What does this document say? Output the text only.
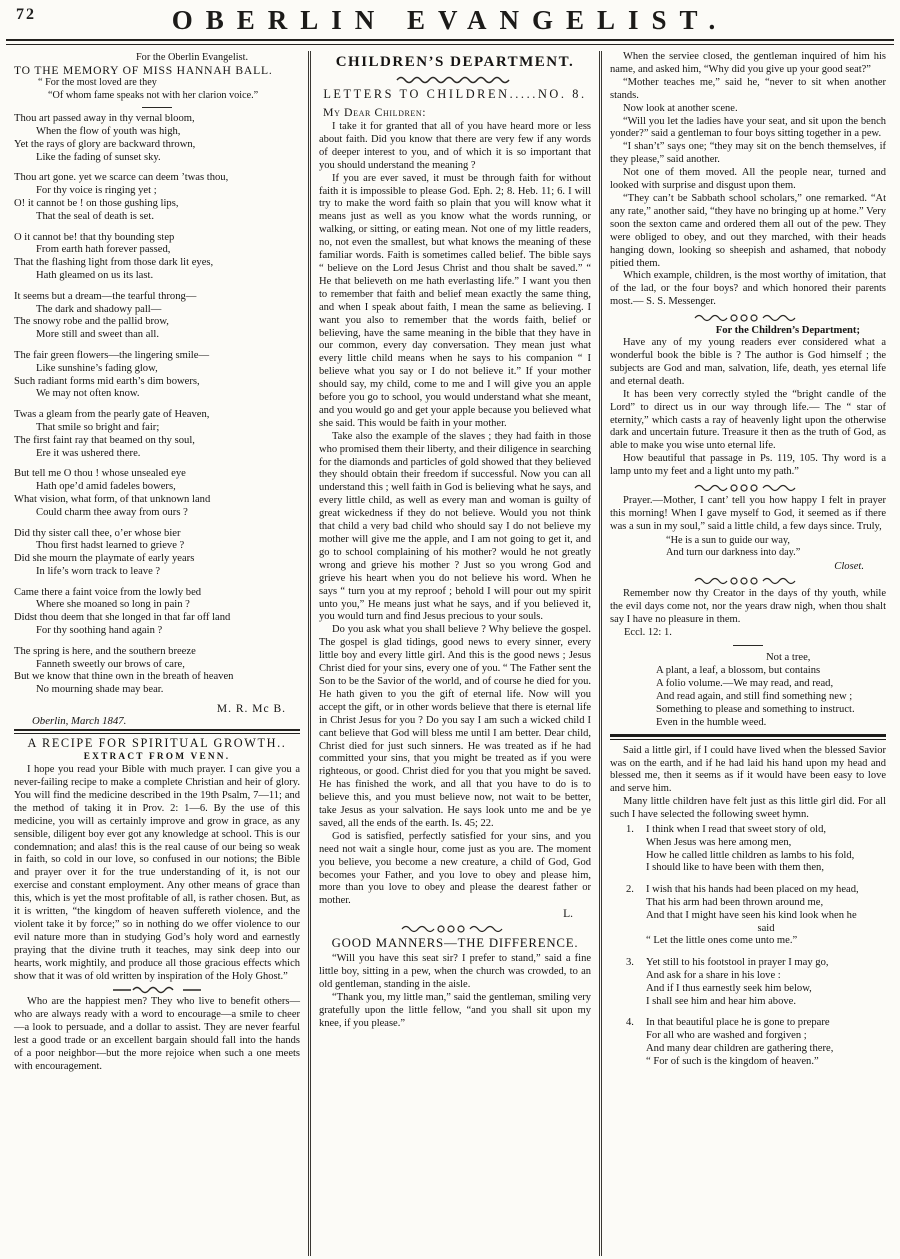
72	OBERLIN EVANGELIST.
For the Oberlin Evangelist.
TO THE MEMORY OF MISS HANNAH BALL.
“ For the most loved are they
“Of whom fame speaks not with her clarion voice.”
Thou art passed away in thy vernal bloom,
When the flow of youth was high,
Yet the rays of glory are backward thrown,
Like the fading of sunset sky.
Thou art gone. yet we scarce can deem ’twas thou,
For thy voice is ringing yet ;
O! it cannot be ! on those gushing lips,
That the seal of death is set.
O it cannot be! that thy bounding step
From earth hath forever passed,
That the flashing light from those dark lit eyes,
Hath gleamed on us its last.
It seems but a dream—the tearful throng—
The dark and shadowy pall—
The snowy robe and the pallid brow,
More still and sweet than all.
The fair green flowers—the lingering smile—
Like sunshine’s fading glow,
Such radiant forms mid earth’s dim bowers,
We may not often know.
Twas a gleam from the pearly gate of Heaven,
That smile so bright and fair;
The first faint ray that beamed on thy soul,
Ere it was ushered there.
But tell me O thou ! whose unsealed eye
Hath ope’d amid fadeles bowers,
What vision, what form, of that unknown land
Could charm thee away from ours ?
Did thy sister call thee, o’er whose bier
Thou first hadst learned to grieve ?
Did she mourn the playmate of early years
In life’s worn track to leave ?
Came there a faint voice from the lowly bed
Where she moaned so long in pain ?
Didst thou deem that she longed in that far off land
For thy soothing hand again ?
The spring is here, and the southern breeze
Fanneth sweetly our brows of care,
But we know that thine own in the breath of heaven
No mourning shade may bear.
M. R. Mc B.
Oberlin, March 1847.
A RECIPE FOR SPIRITUAL GROWTH..
EXTRACT FROM VENN.

I hope you read your Bible with much prayer. I can give you a never-failing recipe to make a complete Christian and heir of glory. You will find the medicine described in the 19th Psalm, 7—11; and the method of taking it in Prov. 2: 1—6. By the use of this medicine, you will as certainly improve and grow in grace, as any sensible, diligent boy ever got any knowledge at school. This is our condemnation; and alas! this is the real cause of our being so weak in faith, so cold in our love, so confused in our notions; the Bible and prayer over it for the true understanding of it, is not our exercise and constant employment. Any other means of grace than this, which is yet the most profitable of all, is rather chosen. But, as it is written, “the kingdom of heaven suffereth violence, and the violent take it by force;” so in nothing do we offer violence to our evil nature more than in studying God’s holy word and earnestly praying that the divine truth it teaches, may sink deep into our hearts, work mightily, and produce all those gracious effects which show that it was of old written by inspiration of the Holy Ghost.”

Who are the happiest men? They who live to benefit others—who are always ready with a word to encourage—a smile to cheer—a look to persuade, and a dollar to assist. They are never fearful lest a good trade or an excellent bargain should fall into the hands of a poor neighbor—but the more rejoice when such a one meets with encouragement.

CHILDREN’S DEPARTMENT.
LETTERS TO CHILDREN.....NO. 8.
My Dear Children:

I take it for granted that all of you have heard more or less about faith. Did you know that there are very few if any words of deeper interest to you, and of which it is so important that you should understand the meaning ?

If you are ever saved, it must be through faith for without faith it is impossible to please God. Eph. 2; 8. Heb. 11; 6. I will try to make the word faith so plain that you will know what it means just as well as you know what the words running, or walking, or sitting, or eating mean. Not one of my little readers, no, not even the smallest, but what knows the meaning of these familiar words. Faith is sometimes called belief. The bible says “ believe on the Lord Jesus Christ and thou shalt be saved.” “ He that believeth on me hath everlasting life.” I want you then to remember that faith and belief mean exactly the same thing, and when I speak about faith, I mean the same as believing. I want you also to remember that the words faith, belief or believing, have the same meaning in the bible that they have in our common, every day conversation. They mean just what every little child means when he says to his companion “ I believe what you say or I do not believe it.” If your mother should say, my child, come to me and I will give you an apple before you go to school, you would understand what she meant, and you would go and get your apple because you believed what she said. This would be faith in your mother.

Take also the example of the slaves ; they had faith in those who promised them their liberty, and their diligence in searching for the diamonds and particles of gold showed that they believed they should obtain their freedom if successful. Now you can all understand this ; well faith in God is believing what he says, and every little child, as well as every man and woman is guilty of great wickedness if they do not believe. Would you not think that child a very bad child who should say I do not believe my mother will give me the apple, and I am not going to get it, and go to school complaining of his mother? would he not greatly wrong and grieve his mother ? Just so you wrong God and grieve his heart when you do not believe his word. When he says “ turn you at my reproof ; behold I will pour out my spirit unto you,” He means just what he says, and if you believed it, you would turn and find Jesus precious to your souls.

Do you ask what you shall believe ? Why believe the gospel. The gospel is glad tidings, good news to every sinner, every little boy and every little girl. And this is the good news ; Jesus Christ died for your sins, every one of you. “ The Father sent the Son to be the Savior of the world, and of course he died for you. He hath given to you the gift of eternal life. Now will you accept the gift, or in other words believe that there is eternal life in Christ Jesus for you ? Do you say I am such a wicked child I cant believe that God will bless me until I am better. Dear child, Christ died for just such sinners. He was treated as if he had committed your sins, that you might be treated as if you were righteous, or good. Christ died for you that you might be saved. He has finished the work, and all that you have to do is to believe this, and you must believe now, not wait to be better, take Jesus as your salvation. He says look unto me and be ye saved, all the ends of the earth. Is. 45; 22.

God is satisfied, perfectly satisfied for your sins, and you need not wait a single hour, come just as you are. The moment you believe, you become a new creature, a child of God, God becomes your Father, and you love to obey and please him, more than you love to obey and please the dearest father or mother.

L.
GOOD MANNERS—THE DIFFERENCE.

“Will you have this seat sir? I prefer to stand,” said a fine little boy, sitting in a pew, when the church was crowded, to an old gentleman, standing in the aisle.

“Thank you, my little man,” said the gentleman, smiling very gratefully upon the little fellow, “and you shall sit upon my knee, if you please.”

When the serviee closed, the gentleman inquired of him his name, and asked him, “Why did you give up your good seat?”

“Mother teaches me,” said he, “never to sit when another stands.

Now look at another scene.

“Will you let the ladies have your seat, and sit upon the bench yonder?” said a gentleman to four boys sitting together in a pew.

“I shan’t” says one; “they may sit on the bench themselves, if they please,” said another.

Not one of them moved. All the people near, turned and looked with surprise and disgust upon them.

“They can’t be Sabbath school scholars,” one remarked. “At any rate,” another said, “they have no bringing up at home.” Very soon the sexton came and ordered them all out of the pew. They were obliged to obey, and out they marched, with their heads hanging down, looking so sheepish and ashamed, that nobody pitied them.

Which example, children, is the most worthy of imitation, that of the lad, or the four boys? and which honored their parents most.— S. S. Messenger.

For the Children’s Department;

Have any of my young readers ever considered what a wonderful book the bible is ? The author is God himself ; the subjects are God and man, salvation, life, death, yes eternal life and eternal death.

It has been very correctly styled the “bright candle of the Lord” to direct us in our way through life.— The “ star of eternity,” which casts a ray of heavenly light upon the otherwise dark and uncertain future. Treasure it then as the truth of God, as able to make you wise unto eternal life.

How beautiful that passage in Ps. 119, 105. Thy word is a lamp unto my feet and a light unto my path.”

Prayer.—Mother, I cant’ tell you how happy I felt in prayer this morning! When I gave myself to God, it seemed as if there was a sun in my soul,” said a little child, a few days since. Truly,

“He is a sun to guide our way,
And turn our darkness into day.”
Closet.

Remember now thy Creator in the days of thy youth, while the evil days come not, nor the years draw nigh, when thou shalt say I have no pleasure in them.

Eccl. 12: 1.

Not a tree,
A plant, a leaf, a blossom, but contains
A folio volume.—We may read, and read,
And read again, and still find something new ;
Something to please and something to instruct.
Even in the humble weed.

Said a little girl, if I could have lived when the blessed Savior was on the earth, and if he had laid his hand upon my head and blessed me, then it seems as if it would have been easy to love and serve him.

Many little children have felt just as this little girl did. For all such I have selected the following sweet hymn.

1. I think when I read that sweet story of old,
When Jesus was here among men,
How he called little children as lambs to his fold,
I should like to have been with them then,
2. I wish that his hands had been placed on my head,
That his arm had been thrown around me,
And that I might have seen his kind look when he
said
“ Let the little ones come unto me.”
3. Yet still to his footstool in prayer I may go,
And ask for a share in his love :
And if I thus earnestly seek him below,
I shall see him and hear him above.
4. In that beautiful place he is gone to prepare
For all who are washed and forgiven ;
And many dear children are gathering there,
“ For of such is the kingdom of heaven.”
